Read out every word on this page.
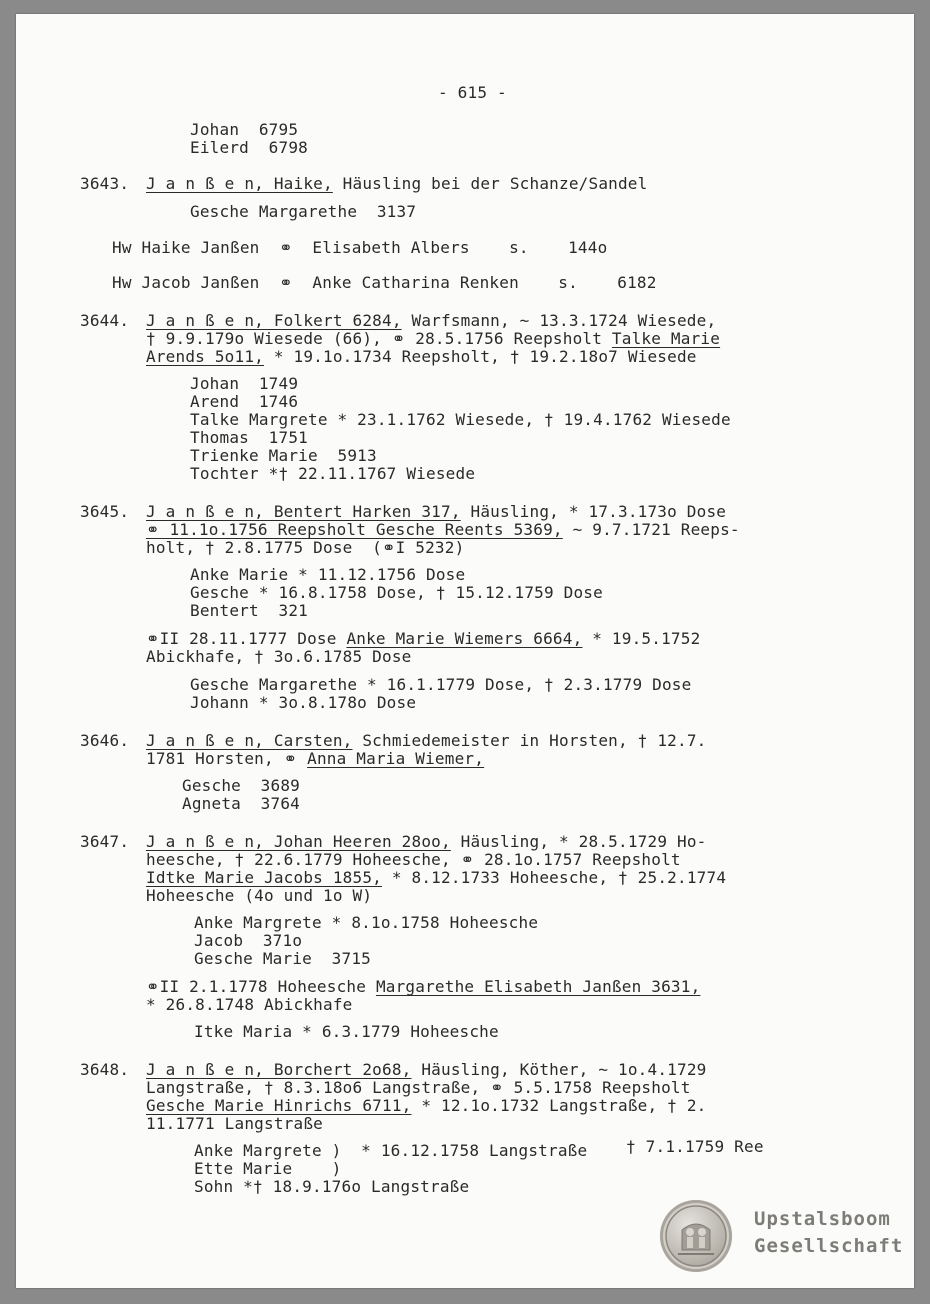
- 615 -

Johan  6795

Eilerd  6798

3643.

J a n ß e n, Haike, Häusling bei der Schanze/Sandel

Gesche Margarethe  3137

Hw Haike Janßen  ⚭  Elisabeth Albers    s.    144o

Hw Jacob Janßen  ⚭  Anke Catharina Renken    s.    6182

3644.

J a n ß e n, Folkert 6284, Warfsmann, ~ 13.3.1724 Wiesede,

† 9.9.179o Wiesede (66), ⚭ 28.5.1756 Reepsholt Talke Marie

Arends 5o11, * 19.1o.1734 Reepsholt, † 19.2.18o7 Wiesede

Johan  1749

Arend  1746

Talke Margrete * 23.1.1762 Wiesede, † 19.4.1762 Wiesede

Thomas  1751

Trienke Marie  5913

Tochter *† 22.11.1767 Wiesede

3645.

J a n ß e n, Bentert Harken 317, Häusling, * 17.3.173o Dose

⚭ 11.1o.1756 Reepsholt Gesche Reents 5369, ~ 9.7.1721 Reeps-

holt, † 2.8.1775 Dose  (⚭I 5232)

Anke Marie * 11.12.1756 Dose

Gesche * 16.8.1758 Dose, † 15.12.1759 Dose

Bentert  321

⚭II 28.11.1777 Dose Anke Marie Wiemers 6664, * 19.5.1752

Abickhafe, † 3o.6.1785 Dose

Gesche Margarethe * 16.1.1779 Dose, † 2.3.1779 Dose

Johann * 3o.8.178o Dose

3646.

J a n ß e n, Carsten, Schmiedemeister in Horsten, † 12.7.

1781 Horsten, ⚭ Anna Maria Wiemer,

Gesche  3689

Agneta  3764

3647.

J a n ß e n, Johan Heeren 28oo, Häusling, * 28.5.1729 Ho-

heesche, † 22.6.1779 Hoheesche, ⚭ 28.1o.1757 Reepsholt

Idtke Marie Jacobs 1855, * 8.12.1733 Hoheesche, † 25.2.1774

Hoheesche (4o und 1o W)

Anke Margrete * 8.1o.1758 Hoheesche

Jacob  371o

Gesche Marie  3715

⚭II 2.1.1778 Hoheesche Margarethe Elisabeth Janßen 3631,

* 26.8.1748 Abickhafe

Itke Maria * 6.3.1779 Hoheesche

3648.

J a n ß e n, Borchert 2o68, Häusling, Köther, ~ 1o.4.1729

Langstraße, † 8.3.18o6 Langstraße, ⚭ 5.5.1758 Reepsholt

Gesche Marie Hinrichs 6711, * 12.1o.1732 Langstraße, † 2.

11.1771 Langstraße

Anke Margrete )  * 16.12.1758 Langstraße

† 7.1.1759 Ree

Ette Marie    )

Sohn *† 18.9.176o Langstraße

Upstalsboom
Gesellschaft
